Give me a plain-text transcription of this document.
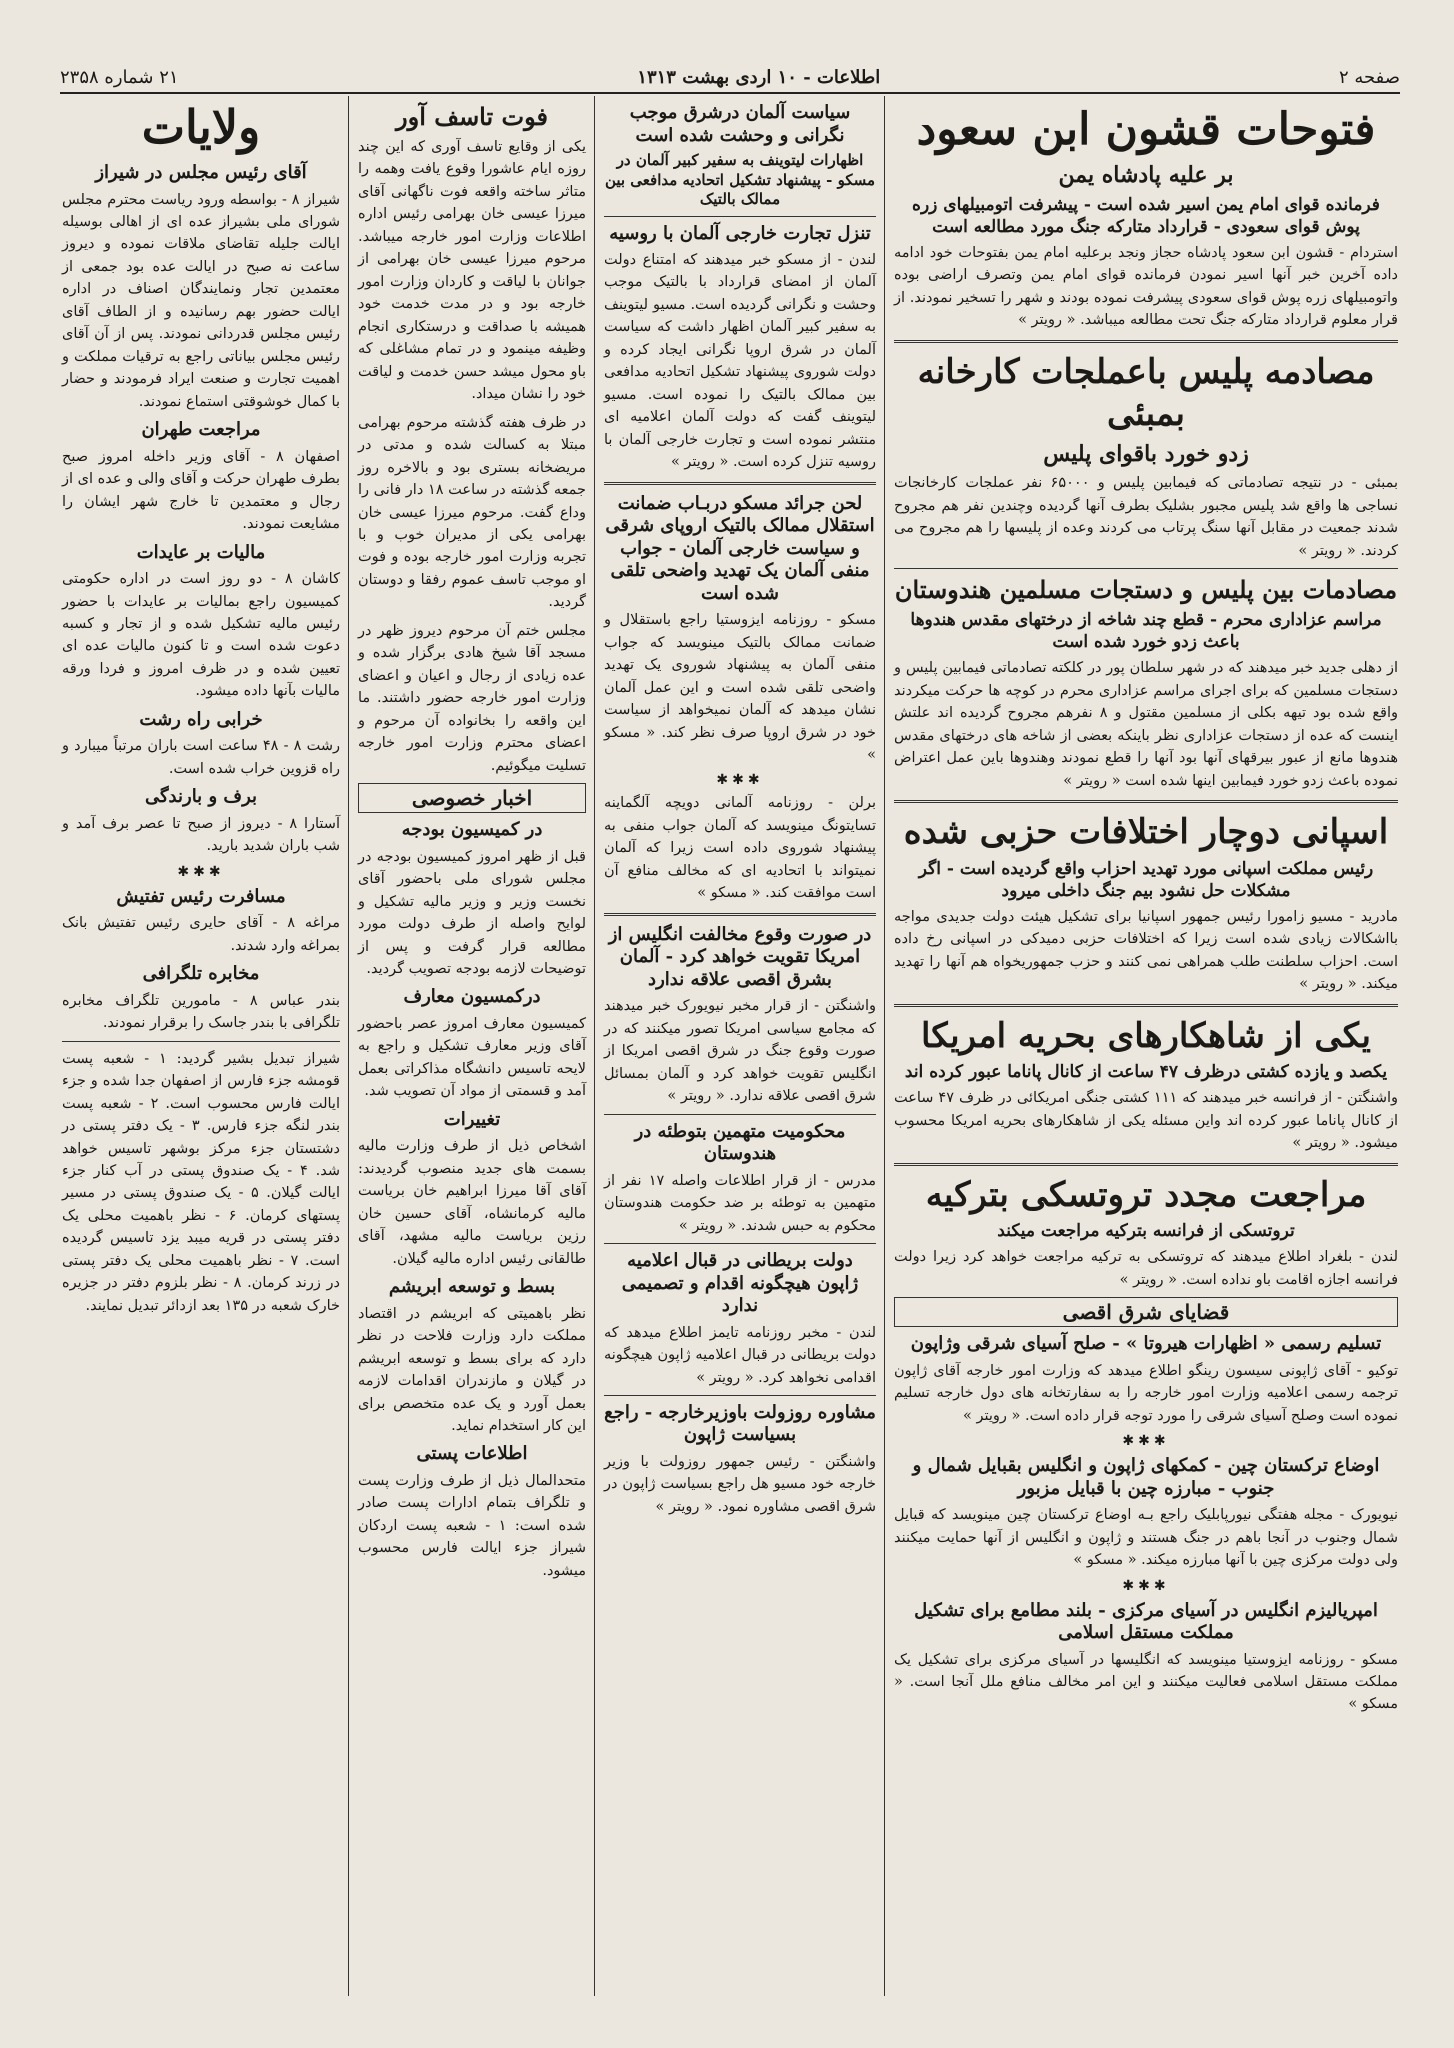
صفحه ۲
اطلاعات - ۱۰ اردی بهشت ۱۳۱۳
۲۱ شماره ۲۳۵۸
فتوحات قشون ابن سعود
بر علیه پادشاه یمن
فرمانده قوای امام یمن اسیر شده است - پیشرفت اتومبیلهای زره پوش قوای سعودی - قرارداد متارکه جنگ مورد مطالعه است

استردام - قشون ابن سعود پادشاه حجاز ونجد برعلیه امام یمن بفتوحات خود ادامه داده آخرین خبر آنها اسیر نمودن فرمانده قوای امام یمن وتصرف اراضی بوده واتومبیلهای زره پوش قوای سعودی پیشرفت نموده بودند و شهر را تسخیر نمودند. از قرار معلوم قرارداد متارکه جنگ تحت مطالعه میباشد. « رویتر »

مصادمه پلیس باعملجات کارخانه بمبئی
زدو خورد باقوای پلیس

بمبئی - در نتیجه تصادماتی که فیمابین پلیس و ۶۵۰۰۰ نفر عملجات کارخانجات نساجی ها واقع شد پلیس مجبور بشلیک بطرف آنها گردیده وچندین نفر هم مجروح شدند جمعیت در مقابل آنها سنگ پرتاب می کردند وعده از پلیسها را هم مجروح می کردند. « رویتر »

مصادمات بین پلیس و دستجات مسلمین هندوستان
مراسم عزاداری محرم - قطع چند شاخه از درختهای مقدس هندوها باعث زدو خورد شده است

از دهلی جدید خبر میدهند که در شهر سلطان پور در کلکته تصادماتی فیمابین پلیس و دستجات مسلمین که برای اجرای مراسم عزاداری محرم در کوچه ها حرکت میکردند واقع شده بود تیهه بکلی از مسلمین مقتول و ۸ نفرهم مجروح گردیده اند علتش اینست که عده از دستجات عزاداری نظر باینکه بعضی از شاخه های درختهای مقدس هندوها مانع از عبور بیرقهای آنها بود آنها را قطع نمودند وهندوها باین عمل اعتراض نموده باعث زدو خورد فیمابین اینها شده است « رویتر »

اسپانی دوچار اختلافات حزبی شده
رئیس مملکت اسپانی مورد تهدید احزاب واقع گردیده است - اگر مشکلات حل نشود بیم جنگ داخلی میرود

مادرید - مسیو زامورا رئیس جمهور اسپانیا برای تشکیل هیئت دولت جدیدی مواجه بااشکالات زیادی شده است زیرا که اختلافات حزبی دمیدکی در اسپانی رخ داده است. احزاب سلطنت طلب همراهی نمی کنند و حزب جمهوریخواه هم آنها را تهدید میکند. « رویتر »

یکی از شاهکارهای بحریه امریکا
یکصد و یازده کشتی درظرف ۴۷ ساعت از کانال پاناما عبور کرده اند

واشنگتن - از فرانسه خبر میدهند که ۱۱۱ کشتی جنگی امریکائی در ظرف ۴۷ ساعت از کانال پاناما عبور کرده اند واین مسئله یکی از شاهکارهای بحریه امریکا محسوب میشود. « رویتر »

مراجعت مجدد تروتسکی بترکیه
تروتسکی از فرانسه بترکیه مراجعت میکند

لندن - بلغراد اطلاع میدهند که تروتسکی به ترکیه مراجعت خواهد کرد زیرا دولت فرانسه اجازه اقامت باو نداده است. « رویتر »

قضایای شرق اقصی
تسلیم رسمی « اظهارات هیروتا » - صلح آسیای شرقی وژاپون

توکیو - آقای ژاپونی سیسون رینگو اطلاع میدهد که وزارت امور خارجه آقای ژاپون ترجمه رسمی اعلامیه وزارت امور خارجه را به سفارتخانه های دول خارجه تسلیم نموده است وصلح آسیای شرقی را مورد توجه قرار داده است. « رویتر »

✱✱✱
اوضاع ترکستان چین - کمکهای ژاپون و انگلیس بقبایل شمال و جنوب - مبارزه چین با قبایل مزبور

نیویورک - مجله هفتگی نیورپابلیک راجع بـه اوضاع ترکستان چین مینویسد که قبایل شمال وجنوب در آنجا باهم در جنگ هستند و ژاپون و انگلیس از آنها حمایت میکنند ولی دولت مرکزی چین با آنها مبارزه میکند. « مسکو »

✱✱✱
امپریالیزم انگلیس در آسیای مرکزی - بلند مطامع برای تشکیل مملکت مستقل اسلامی

مسکو - روزنامه ایزوستیا مینویسد که انگلیسها در آسیای مرکزی برای تشکیل یک مملکت مستقل اسلامی فعالیت میکنند و این امر مخالف منافع ملل آنجا است. « مسکو »

سیاست آلمان درشرق موجب نگرانی و وحشت شده است
اظهارات لیتوینف به سفیر کبیر آلمان در مسکو - پیشنهاد تشکیل اتحادیه مدافعی بین ممالک بالتیک
تنزل تجارت خارجی آلمان با روسیه

لندن - از مسکو خبر میدهند که امتناع دولت آلمان از امضای قرارداد با بالتیک موجب وحشت و نگرانی گردیده است. مسیو لیتوینف به سفیر کبیر آلمان اظهار داشت که سیاست آلمان در شرق اروپا نگرانی ایجاد کرده و دولت شوروی پیشنهاد تشکیل اتحادیه مدافعی بین ممالک بالتیک را نموده است. مسیو لیتوینف گفت که دولت آلمان اعلامیه ای منتشر نموده است و تجارت خارجی آلمان با روسیه تنزل کرده است. « رویتر »

لحن جرائد مسکو دربـاب ضمانت استقلال ممالک بالتیک اروپای شرقی و سیاست خارجی آلمان - جواب منفی آلمان یک تهدید واضحی تلقی شده است

مسکو - روزنامه ایزوستیا راجع باستقلال و ضمانت ممالک بالتیک مینویسد که جواب منفی آلمان به پیشنهاد شوروی یک تهدید واضحی تلقی شده است و این عمل آلمان نشان میدهد که آلمان نمیخواهد از سیاست خود در شرق اروپا صرف نظر کند. « مسکو »

✱✱✱

برلن - روزنامه آلمانی دویچه آلگماینه تسایتونگ مینویسد که آلمان جواب منفی به پیشنهاد شوروی داده است زیرا که آلمان نمیتواند با اتحادیه ای که مخالف منافع آن است موافقت کند. « مسکو »

در صورت وقوع مخالفت انگلیس از امریکا تقویت خواهد کرد - آلمان بشرق اقصی علاقه ندارد

واشنگتن - از قرار مخبر نیویورک خبر میدهند که مجامع سیاسی امریکا تصور میکنند که در صورت وقوع جنگ در شرق اقصی امریکا از انگلیس تقویت خواهد کرد و آلمان بمسائل شرق اقصی علاقه ندارد. « رویتر »

محکومیت متهمین بتوطئه در هندوستان

مدرس - از قرار اطلاعات واصله ۱۷ نفر از متهمین به توطئه بر ضد حکومت هندوستان محکوم به حبس شدند. « رویتر »

دولت بریطانی در قبال اعلامیه ژاپون هیچگونه اقدام و تصمیمی ندارد

لندن - مخبر روزنامه تایمز اطلاع میدهد که دولت بریطانی در قبال اعلامیه ژاپون هیچگونه اقدامی نخواهد کرد. « رویتر »

مشاوره روزولت باوزیرخارجه - راجع بسیاست ژاپون

واشنگتن - رئیس جمهور روزولت با وزیر خارجه خود مسیو هل راجع بسیاست ژاپون در شرق اقصی مشاوره نمود. « رویتر »

فوت تاسف آور

یکی از وقایع تاسف آوری که این چند روزه ایام عاشورا وقوع یافت وهمه را متاثر ساخته واقعه فوت ناگهانی آقای میرزا عیسی خان بهرامی رئیس اداره اطلاعات وزارت امور خارجه میباشد. مرحوم میرزا عیسی خان بهرامی از جوانان با لیاقت و کاردان وزارت امور خارجه بود و در مدت خدمت خود همیشه با صداقت و درستکاری انجام وظیفه مینمود و در تمام مشاغلی که باو محول میشد حسن خدمت و لیاقت خود را نشان میداد.

در ظرف هفته گذشته مرحوم بهرامی مبتلا به کسالت شده و مدتی در مریضخانه بستری بود و بالاخره روز جمعه گذشته در ساعت ۱۸ دار فانی را وداع گفت. مرحوم میرزا عیسی خان بهرامی یکی از مدیران خوب و با تجربه وزارت امور خارجه بوده و فوت او موجب تاسف عموم رفقا و دوستان گردید.

مجلس ختم آن مرحوم دیروز ظهر در مسجد آقا شیخ هادی برگزار شده و عده زیادی از رجال و اعیان و اعضای وزارت امور خارجه حضور داشتند. ما این واقعه را بخانواده آن مرحوم و اعضای محترم وزارت امور خارجه تسلیت میگوئیم.

اخبار خصوصی
در کمیسیون بودجه

قبل از ظهر امروز کمیسیون بودجه در مجلس شورای ملی باحضور آقای نخست وزیر و وزیر مالیه تشکیل و لوایح واصله از طرف دولت مورد مطالعه قرار گرفت و پس از توضیحات لازمه بودجه تصویب گردید.

درکمسیون معارف

کمیسیون معارف امروز عصر باحضور آقای وزیر معارف تشکیل و راجع به لایحه تاسیس دانشگاه مذاکراتی بعمل آمد و قسمتی از مواد آن تصویب شد.

تغییرات

اشخاص ذیل از طرف وزارت مالیه بسمت های جدید منصوب گردیدند: آقای آقا میرزا ابراهیم خان بریاست مالیه کرمانشاه، آقای حسین خان رزین بریاست مالیه مشهد، آقای طالقانی رئیس اداره مالیه گیلان.

بسط و توسعه ابریشم

نظر باهمیتی که ابریشم در اقتصاد مملکت دارد وزارت فلاحت در نظر دارد که برای بسط و توسعه ابریشم در گیلان و مازندران اقدامات لازمه بعمل آورد و یک عده متخصص برای این کار استخدام نماید.

اطلاعات پستی

متحدالمال ذیل از طرف وزارت پست و تلگراف بتمام ادارات پست صادر شده است: ۱ - شعبه پست اردکان شیراز جزء ایالت فارس محسوب میشود.

ولایات
آقای رئیس مجلس در شیراز

شیراز ۸ - بواسطه ورود ریاست محترم مجلس شورای ملی بشیراز عده ای از اهالی بوسیله ایالت جلیله تقاضای ملاقات نموده و دیروز ساعت نه صبح در ایالت عده بود جمعی از معتمدین تجار ونمایندگان اصناف در اداره ایالت حضور بهم رسانیده و از الطاف آقای رئیس مجلس قدردانی نمودند. پس از آن آقای رئیس مجلس بیاناتی راجع به ترقیات مملکت و اهمیت تجارت و صنعت ایراد فرمودند و حضار با کمال خوشوقتی استماع نمودند.

مراجعت طهران

اصفهان ۸ - آقای وزیر داخله امروز صبح بطرف طهران حرکت و آقای والی و عده ای از رجال و معتمدین تا خارج شهر ایشان را مشایعت نمودند.

مالیات بر عایدات

کاشان ۸ - دو روز است در اداره حکومتی کمیسیون راجع بمالیات بر عایدات با حضور رئیس مالیه تشکیل شده و از تجار و کسبه دعوت شده است و تا کنون مالیات عده ای تعیین شده و در ظرف امروز و فردا ورقه مالیات بآنها داده میشود.

خرابی راه رشت

رشت ۸ - ۴۸ ساعت است باران مرتباً میبارد و راه قزوین خراب شده است.

برف و بارندگی

آستارا ۸ - دیروز از صبح تا عصر برف آمد و شب باران شدید بارید.

✱✱✱
مسافرت رئیس تفتیش

مراغه ۸ - آقای حایری رئیس تفتیش بانک بمراغه وارد شدند.

مخابره تلگرافی

بندر عباس ۸ - مامورین تلگراف مخابره تلگرافی با بندر جاسک را برقرار نمودند.

شیراز تبدیل بشیر گردید: ۱ - شعبه پست قومشه جزء فارس از اصفهان جدا شده و جزء ایالت فارس محسوب است. ۲ - شعبه پست بندر لنگه جزء فارس. ۳ - یک دفتر پستی در دشتستان جزء مرکز بوشهر تاسیس خواهد شد. ۴ - یک صندوق پستی در آب کنار جزء ایالت گیلان. ۵ - یک صندوق پستی در مسیر پستهای کرمان. ۶ - نظر باهمیت محلی یک دفتر پستی در قریه میبد یزد تاسیس گردیده است. ۷ - نظر باهمیت محلی یک دفتر پستی در زرند کرمان. ۸ - نظر بلزوم دفتر در جزیره خارک شعبه در ۱۳۵ بعد ازدائر تبدیل نمایند.
